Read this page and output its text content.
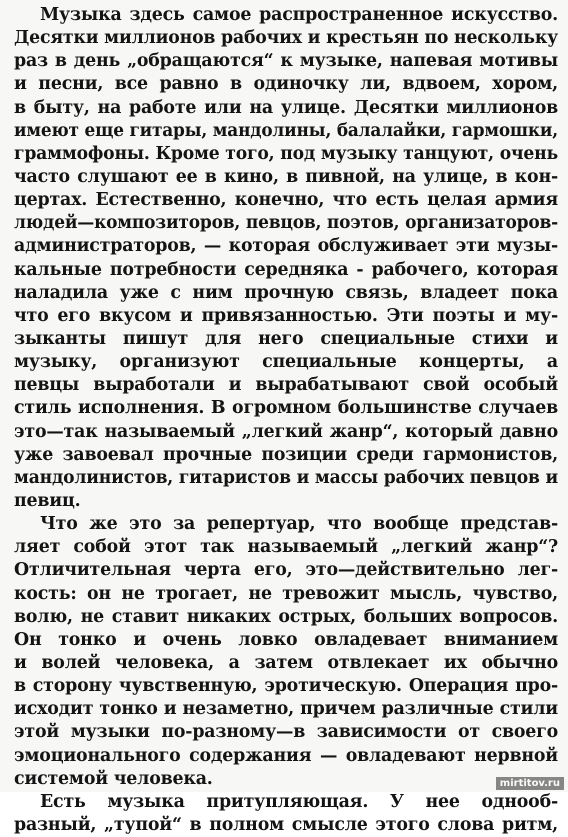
Музыка здесь самое распространенное искусство.
Десятки миллионов рабочих и крестьян по нескольку
раз в день „обращаются“ к музыке, напевая мотивы
и песни, все равно в одиночку ли, вдвоем, хором,
в быту, на работе или на улице. Десятки миллионов
имеют еще гитары, мандолины, балалайки, гармошки,
граммофоны. Кроме того, под музыку танцуют, очень
часто слушают ее в кино, в пивной, на улице, в кон-
цертах. Естественно, конечно, что есть целая армия
людей—композиторов, певцов, поэтов, организаторов-
администраторов, — которая обслуживает эти музы-
кальные потребности середняка - рабочего, которая
наладила уже с ним прочную связь, владеет пока
что его вкусом и привязанностью. Эти поэты и му-
зыканты пишут для него специальные стихи и
музыку, организуют специальные концерты, а
певцы выработали и вырабатывают свой особый
стиль исполнения. В огромном большинстве случаев
это—так называемый „легкий жанр“, который давно
уже завоевал прочные позиции среди гармонистов,
мандолинистов, гитаристов и массы рабочих певцов и
певиц.
Что же это за репертуар, что вообще представ-
ляет собой этот так называемый „легкий жанр“?
Отличительная черта его, это—действительно лег-
кость: он не трогает, не тревожит мысль, чувство,
волю, не ставит никаких острых, больших вопросов.
Он тонко и очень ловко овладевает вниманием
и волей человека, а затем отвлекает их обычно
в сторону чувственную, эротическую. Операция про-
исходит тонко и незаметно, причем различные стили
этой музыки по-разному—в зависимости от своего
эмоционального содержания — овладевают нервной
системой человека.
Есть музыка притупляющая. У нее однооб-
разный, „тупой“ в полном смысле этого слова ритм,
mirtitov.ru
